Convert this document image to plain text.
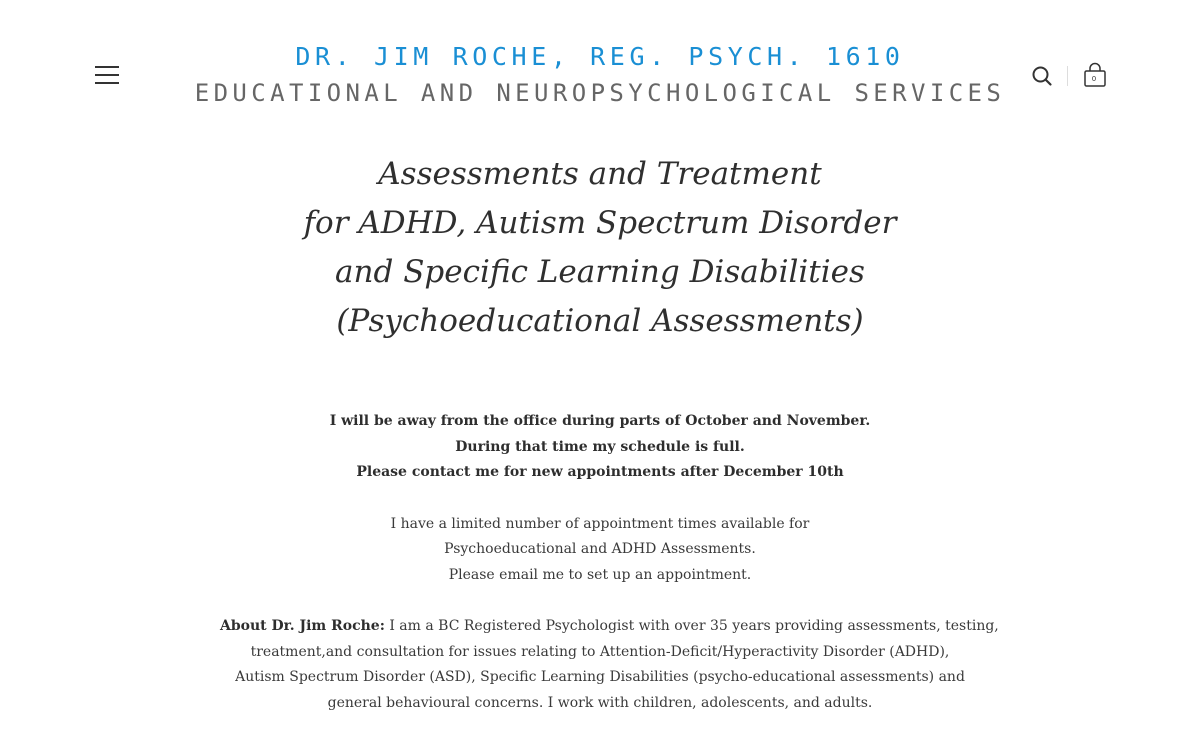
DR. JIM ROCHE, REG. PSYCH. 1610
EDUCATIONAL AND NEUROPSYCHOLOGICAL SERVICES	0
Assessments and Treatment
for ADHD, Autism Spectrum Disorder
and Specific Learning Disabilities
(Psychoeducational Assessments)
I will be away from the office during parts of October and November.
During that time my schedule is full.
Please contact me for new appointments after December 10th
I have a limited number of appointment times available for
Psychoeducational and ADHD Assessments.
Please email me to set up an appointment.
About Dr. Jim Roche: I am a BC Registered Psychologist with over 35 years providing assessments, testing,
treatment,and consultation for issues relating to Attention-Deficit/Hyperactivity Disorder (ADHD),
Autism Spectrum Disorder (ASD), Specific Learning Disabilities (psycho-educational assessments) and
general behavioural concerns. I work with children, adolescents, and adults.
